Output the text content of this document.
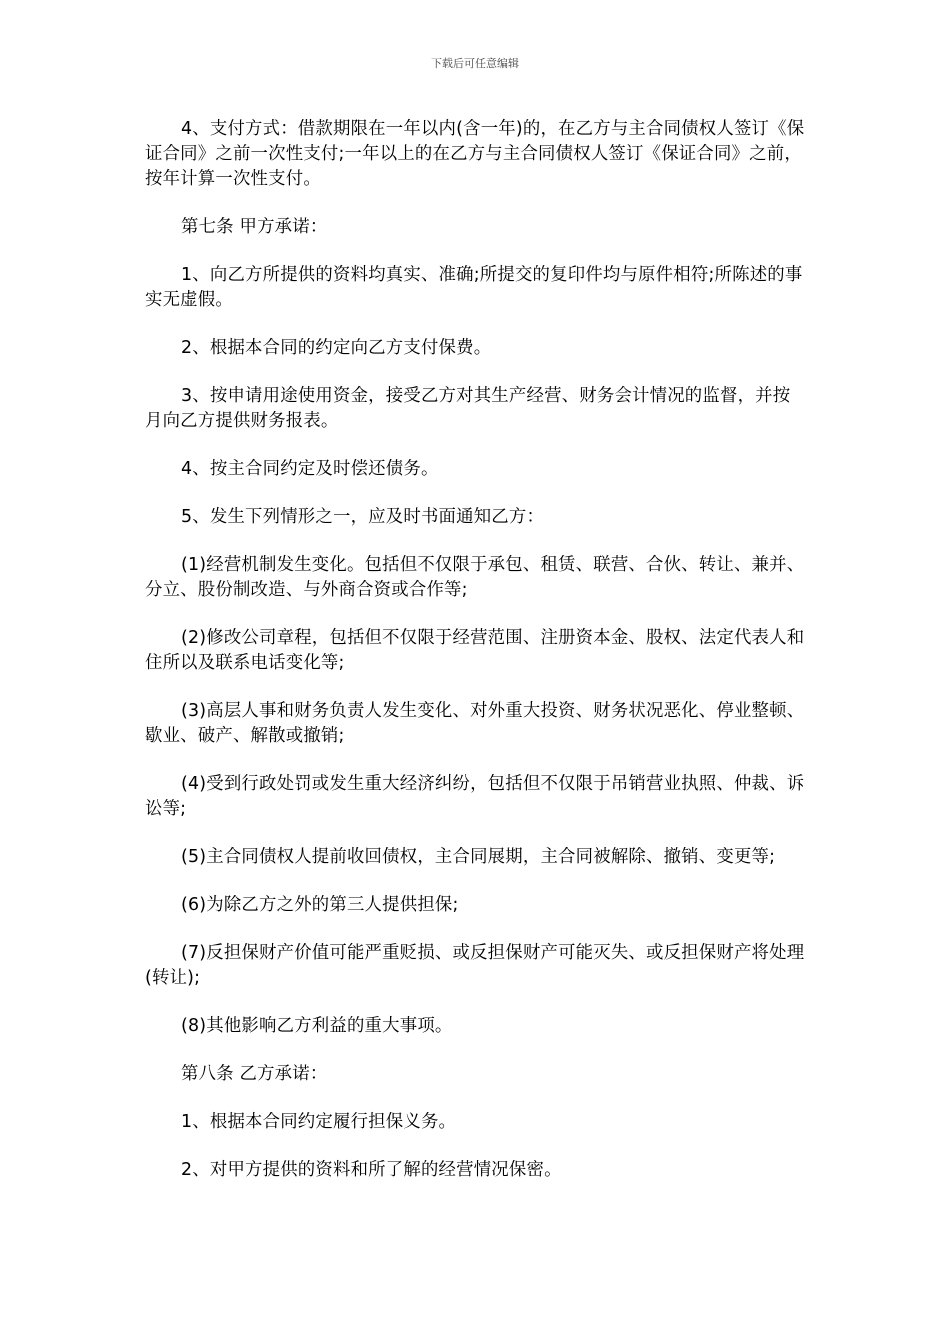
下载后可任意编辑

4、支付方式：借款期限在一年以内(含一年)的，在乙方与主合同债权人签订《保证合同》之前一次性支付;一年以上的在乙方与主合同债权人签订《保证合同》之前，按年计算一次性支付。

第七条 甲方承诺：

1、向乙方所提供的资料均真实、准确;所提交的复印件均与原件相符;所陈述的事实无虚假。

2、根据本合同的约定向乙方支付保费。

3、按申请用途使用资金，接受乙方对其生产经营、财务会计情况的监督，并按月向乙方提供财务报表。

4、按主合同约定及时偿还债务。

5、发生下列情形之一，应及时书面通知乙方：

(1)经营机制发生变化。包括但不仅限于承包、租赁、联营、合伙、转让、兼并、分立、股份制改造、与外商合资或合作等;

(2)修改公司章程，包括但不仅限于经营范围、注册资本金、股权、法定代表人和住所以及联系电话变化等;

(3)高层人事和财务负责人发生变化、对外重大投资、财务状况恶化、停业整顿、歇业、破产、解散或撤销;

(4)受到行政处罚或发生重大经济纠纷，包括但不仅限于吊销营业执照、仲裁、诉讼等;

(5)主合同债权人提前收回债权，主合同展期，主合同被解除、撤销、变更等;

(6)为除乙方之外的第三人提供担保;

(7)反担保财产价值可能严重贬损、或反担保财产可能灭失、或反担保财产将处理(转让);

(8)其他影响乙方利益的重大事项。

第八条 乙方承诺：

1、根据本合同约定履行担保义务。

2、对甲方提供的资料和所了解的经营情况保密。
